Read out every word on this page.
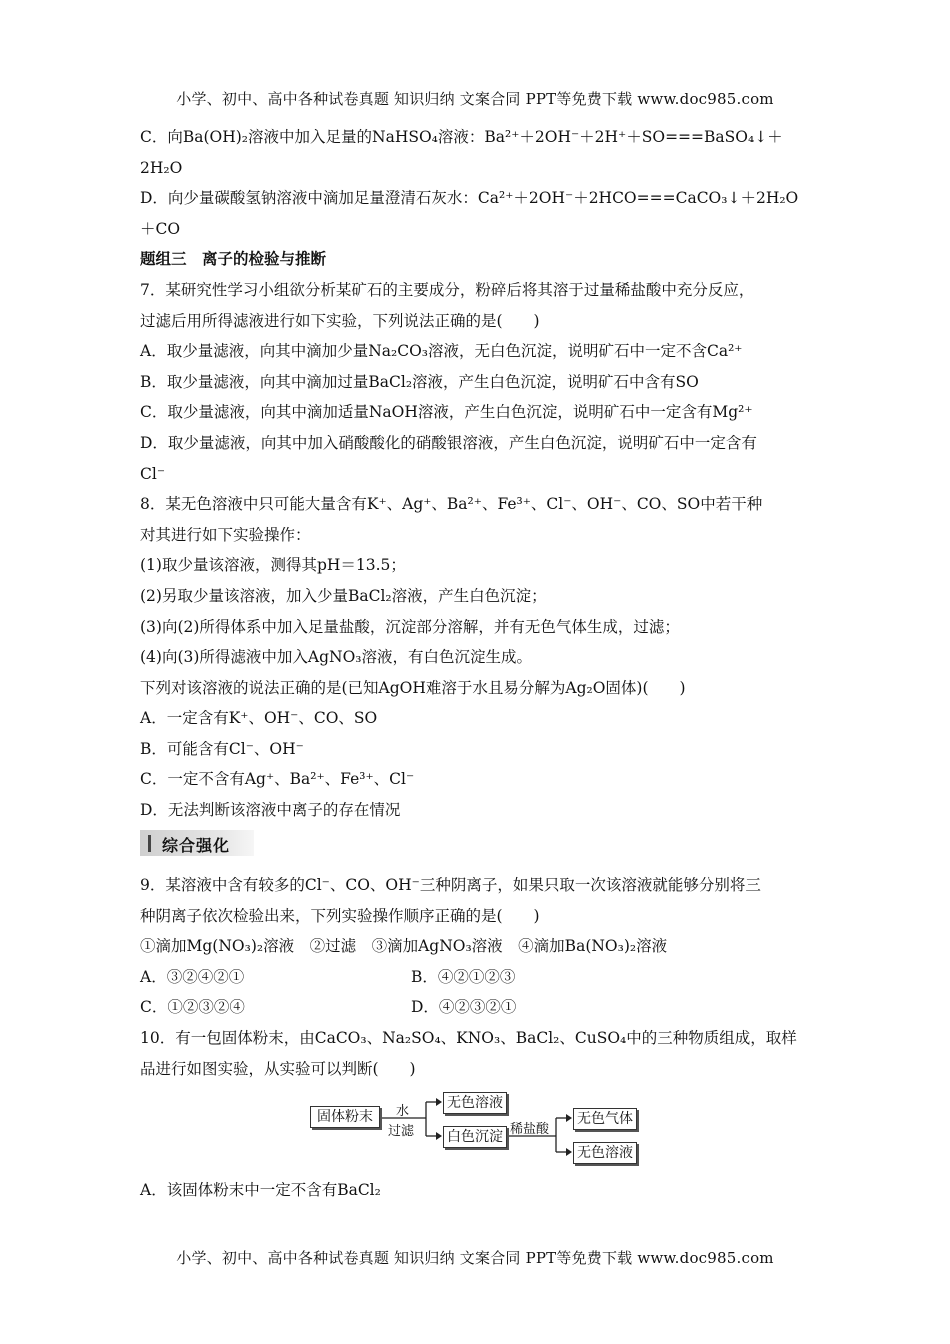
小学、初中、高中各种试卷真题 知识归纳 文案合同 PPT等免费下载 www.doc985.com
C．向Ba(OH)₂溶液中加入足量的NaHSO₄溶液：Ba²⁺＋2OH⁻＋2H⁺＋SO===BaSO₄↓＋
2H₂O
D．向少量碳酸氢钠溶液中滴加足量澄清石灰水：Ca²⁺＋2OH⁻＋2HCO===CaCO₃↓＋2H₂O
＋CO
题组三　离子的检验与推断
7．某研究性学习小组欲分析某矿石的主要成分，粉碎后将其溶于过量稀盐酸中充分反应，
过滤后用所得滤液进行如下实验，下列说法正确的是(　　)
A．取少量滤液，向其中滴加少量Na₂CO₃溶液，无白色沉淀，说明矿石中一定不含Ca²⁺
B．取少量滤液，向其中滴加过量BaCl₂溶液，产生白色沉淀，说明矿石中含有SO
C．取少量滤液，向其中滴加适量NaOH溶液，产生白色沉淀，说明矿石中一定含有Mg²⁺
D．取少量滤液，向其中加入硝酸酸化的硝酸银溶液，产生白色沉淀，说明矿石中一定含有
Cl⁻
8．某无色溶液中只可能大量含有K⁺、Ag⁺、Ba²⁺、Fe³⁺、Cl⁻、OH⁻、CO、SO中若干种
对其进行如下实验操作：
(1)取少量该溶液，测得其pH＝13.5；
(2)另取少量该溶液，加入少量BaCl₂溶液，产生白色沉淀；
(3)向(2)所得体系中加入足量盐酸，沉淀部分溶解，并有无色气体生成，过滤；
(4)向(3)所得滤液中加入AgNO₃溶液，有白色沉淀生成。
下列对该溶液的说法正确的是(已知AgOH难溶于水且易分解为Ag₂O固体)(　　)
A．一定含有K⁺、OH⁻、CO、SO
B．可能含有Cl⁻、OH⁻
C．一定不含有Ag⁺、Ba²⁺、Fe³⁺、Cl⁻
D．无法判断该溶液中离子的存在情况
综合强化
9．某溶液中含有较多的Cl⁻、CO、OH⁻三种阴离子，如果只取一次该溶液就能够分别将三
种阴离子依次检验出来，下列实验操作顺序正确的是(　　)
①滴加Mg(NO₃)₂溶液　②过滤　③滴加AgNO₃溶液　④滴加Ba(NO₃)₂溶液
A．③②④②①	B．④②①②③
C．①②③②④	D．④②③②①
10．有一包固体粉末，由CaCO₃、Na₂SO₄、KNO₃、BaCl₂、CuSO₄中的三种物质组成，取样
品进行如图实验，从实验可以判断(　　)
固体粉末	水
过滤
无色溶液
白色沉淀 稀盐酸
无色气体
无色溶液
A．该固体粉末中一定不含有BaCl₂
小学、初中、高中各种试卷真题 知识归纳 文案合同 PPT等免费下载 www.doc985.com
